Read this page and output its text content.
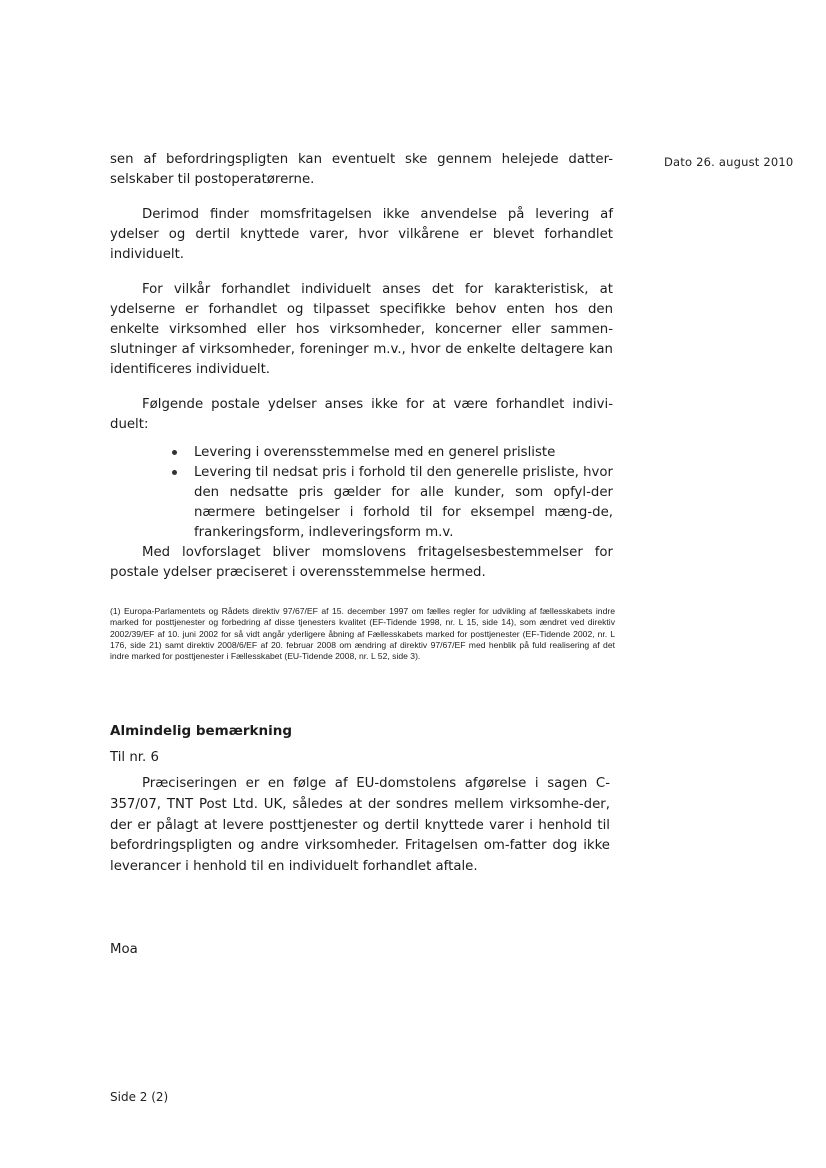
Dato 26. august 2010

sen af befordringspligten kan eventuelt ske gennem helejede datter-selskaber til postoperatørerne.

Derimod finder momsfritagelsen ikke anvendelse på levering af ydelser og dertil knyttede varer, hvor vilkårene er blevet forhandlet individuelt.

For vilkår forhandlet individuelt anses det for karakteristisk, at ydelserne er forhandlet og tilpasset specifikke behov enten hos den enkelte virksomhed eller hos virksomheder, koncerner eller sammen-slutninger af virksomheder, foreninger m.v., hvor de enkelte deltagere kan identificeres individuelt.

Følgende postale ydelser anses ikke for at være forhandlet indivi-duelt:

Levering i overensstemmelse med en generel prisliste
Levering til nedsat pris i forhold til den generelle prisliste, hvor den nedsatte pris gælder for alle kunder, som opfyl-der nærmere betingelser i forhold til for eksempel mæng-de, frankeringsform, indleveringsform m.v.

Med lovforslaget bliver momslovens fritagelsesbestemmelser for postale ydelser præciseret i overensstemmelse hermed.

(1) Europa-Parlamentets og Rådets direktiv 97/67/EF af 15. december 1997 om fælles regler for udvikling af fællesskabets indre marked for posttjenester og forbedring af disse tjenesters kvalitet (EF-Tidende 1998, nr. L 15, side 14), som ændret ved direktiv 2002/39/EF af 10. juni 2002 for så vidt angår yderligere åbning af Fællesskabets marked for posttjenester (EF-Tidende 2002, nr. L 176, side 21) samt direktiv 2008/6/EF af 20. februar 2008 om ændring af direktiv 97/67/EF med henblik på fuld realisering af det indre marked for posttjenester i Fællesskabet (EU-Tidende 2008, nr. L 52, side 3).
Almindelig bemærkning

Til nr. 6

Præciseringen er en følge af EU-domstolens afgørelse i sagen C-357/07, TNT Post Ltd. UK, således at der sondres mellem virksomhe-der, der er pålagt at levere posttjenester og dertil knyttede varer i henhold til befordringspligten og andre virksomheder. Fritagelsen om-fatter dog ikke leverancer i henhold til en individuelt forhandlet aftale.

Moa

Side 2 (2)
